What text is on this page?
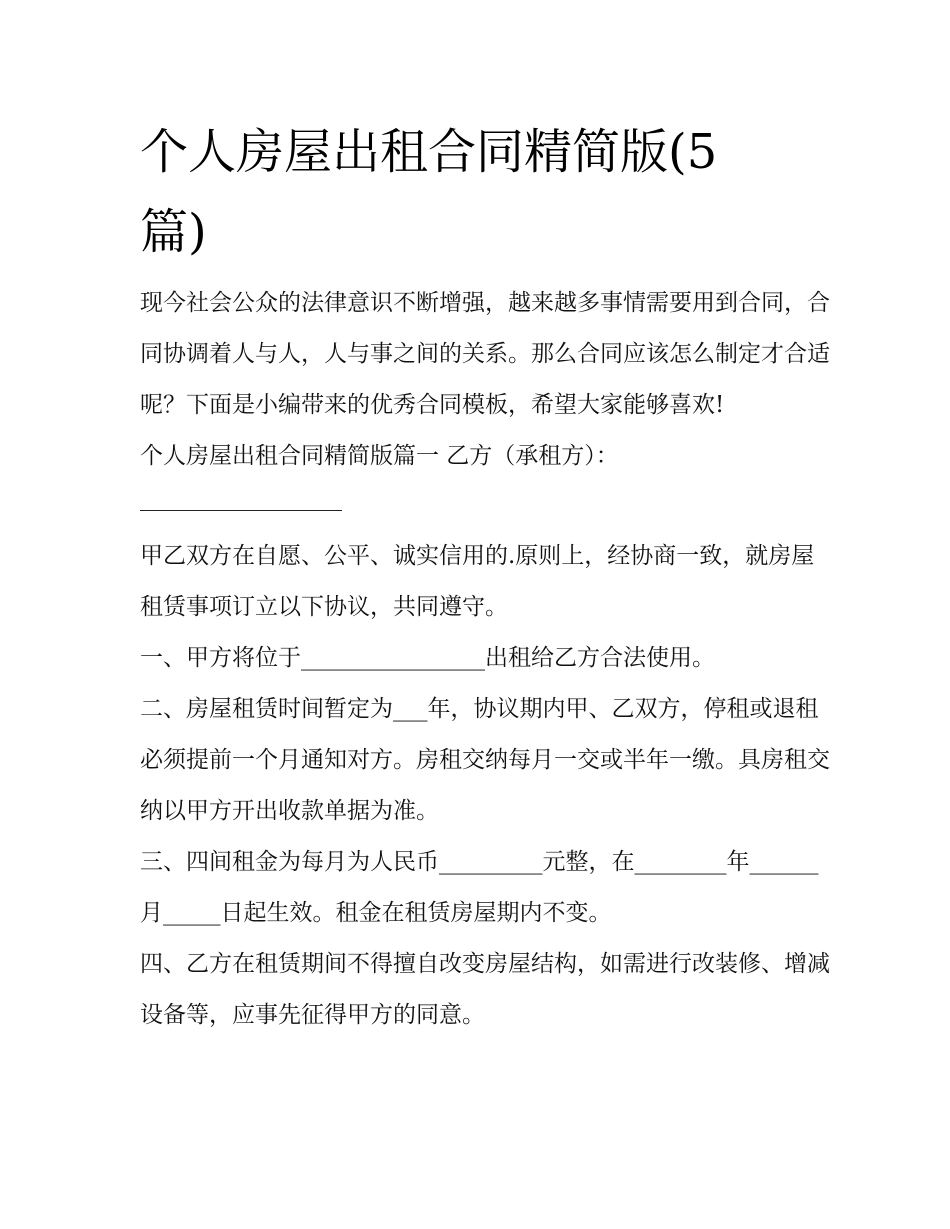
个人房屋出租合同精简版(5篇)

现今社会公众的法律意识不断增强，越来越多事情需要用到合同，合同协调着人与人，人与事之间的关系。那么合同应该怎么制定才合适呢？下面是小编带来的优秀合同模板，希望大家能够喜欢!

个人房屋出租合同精简版篇一 乙方（承租方）：

甲乙双方在自愿、公平、诚实信用的.原则上，经协商一致，就房屋租赁事项订立以下协议，共同遵守。

一、甲方将位于________________出租给乙方合法使用。

二、房屋租赁时间暂定为___年，协议期内甲、乙双方，停租或退租必须提前一个月通知对方。房租交纳每月一交或半年一缴。具房租交纳以甲方开出收款单据为准。

三、四间租金为每月为人民币_________元整，在________年______月_____日起生效。租金在租赁房屋期内不变。

四、乙方在租赁期间不得擅自改变房屋结构，如需进行改装修、增减设备等，应事先征得甲方的同意。
